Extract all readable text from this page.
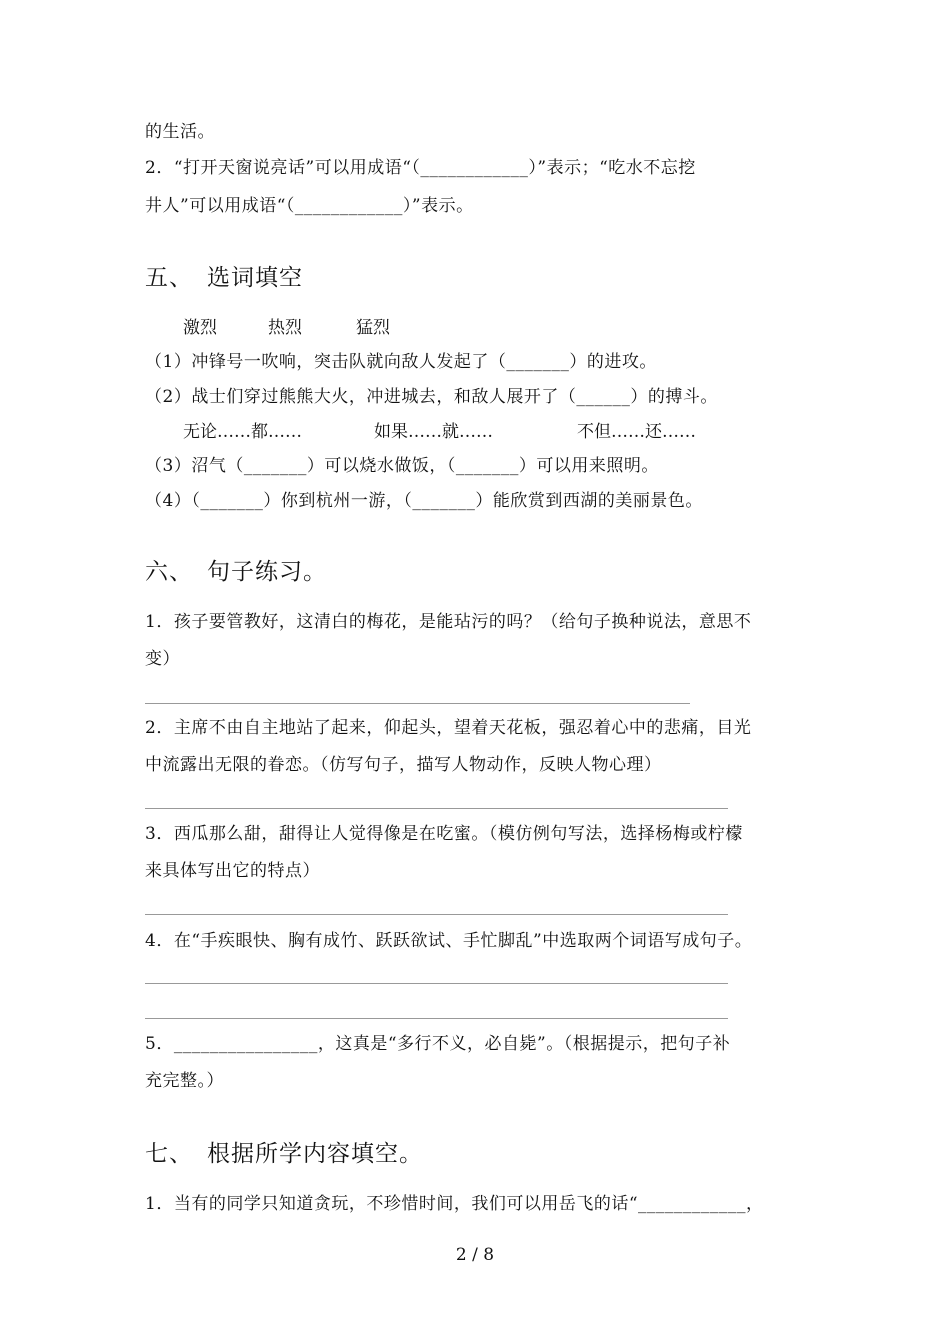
的生活。
2．“打开天窗说亮话”可以用成语“（____________）”表示；“吃水不忘挖
井人”可以用成语“（____________）”表示。
五、 选词填空
激烈	热烈	猛烈
（1）冲锋号一吹响，突击队就向敌人发起了（_______）的进攻。
（2）战士们穿过熊熊大火，冲进城去，和敌人展开了（______）的搏斗。
无论……都……	如果……就……	不但……还……
（3）沼气（_______）可以烧水做饭，（_______）可以用来照明。
（4）（_______）你到杭州一游，（_______）能欣赏到西湖的美丽景色。
六、 句子练习。
1．孩子要管教好，这清白的梅花，是能玷污的吗？（给句子换种说法，意思不
变）
2．主席不由自主地站了起来，仰起头，望着天花板，强忍着心中的悲痛，目光
中流露出无限的眷恋。（仿写句子，描写人物动作，反映人物心理）
3．西瓜那么甜，甜得让人觉得像是在吃蜜。（模仿例句写法，选择杨梅或柠檬
来具体写出它的特点）
4．在“手疾眼快、胸有成竹、跃跃欲试、手忙脚乱”中选取两个词语写成句子。
5．________________，这真是“多行不义，必自毙”。（根据提示，把句子补
充完整。）
七、 根据所学内容填空。
1．当有的同学只知道贪玩，不珍惜时间，我们可以用岳飞的话“____________，
2 / 8
